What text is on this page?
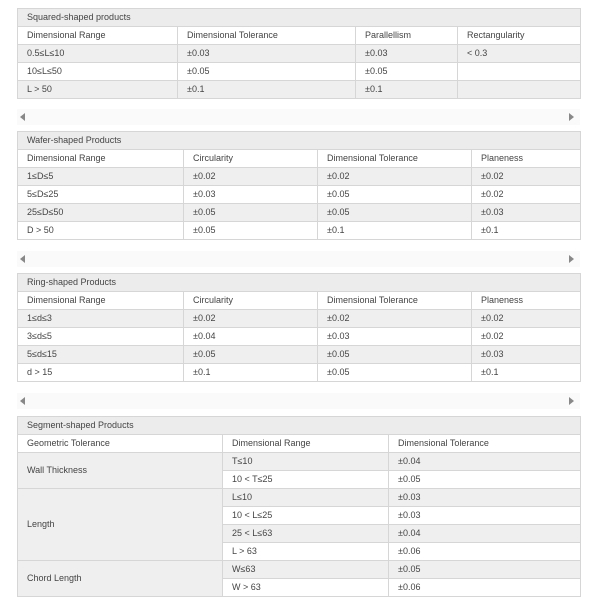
Squared-shaped products			
Dimensional Range	Dimensional Tolerance	Parallellism	Rectangularity
0.5≤L≤10	±0.03	±0.03	< 0.3
10≤L≤50	±0.05	±0.05	
L > 50	±0.1	±0.1	
Wafer-shaped Products			
Dimensional Range	Circularity	Dimensional Tolerance	Planeness
1≤D≤5	±0.02	±0.02	±0.02
5≤D≤25	±0.03	±0.05	±0.02
25≤D≤50	±0.05	±0.05	±0.03
D > 50	±0.05	±0.1	±0.1
Ring-shaped Products			
Dimensional Range	Circularity	Dimensional Tolerance	Planeness
1≤d≤3	±0.02	±0.02	±0.02
3≤d≤5	±0.04	±0.03	±0.02
5≤d≤15	±0.05	±0.05	±0.03
d > 15	±0.1	±0.05	±0.1
Segment-shaped Products		
Geometric Tolerance	Dimensional Range	Dimensional Tolerance
Wall Thickness	T≤10	±0.04
	10 < T≤25	±0.05
Length	L≤10	±0.03
	10 < L≤25	±0.03
	25 < L≤63	±0.04
	L > 63	±0.06
Chord Length	W≤63	±0.05
	W > 63	±0.06
